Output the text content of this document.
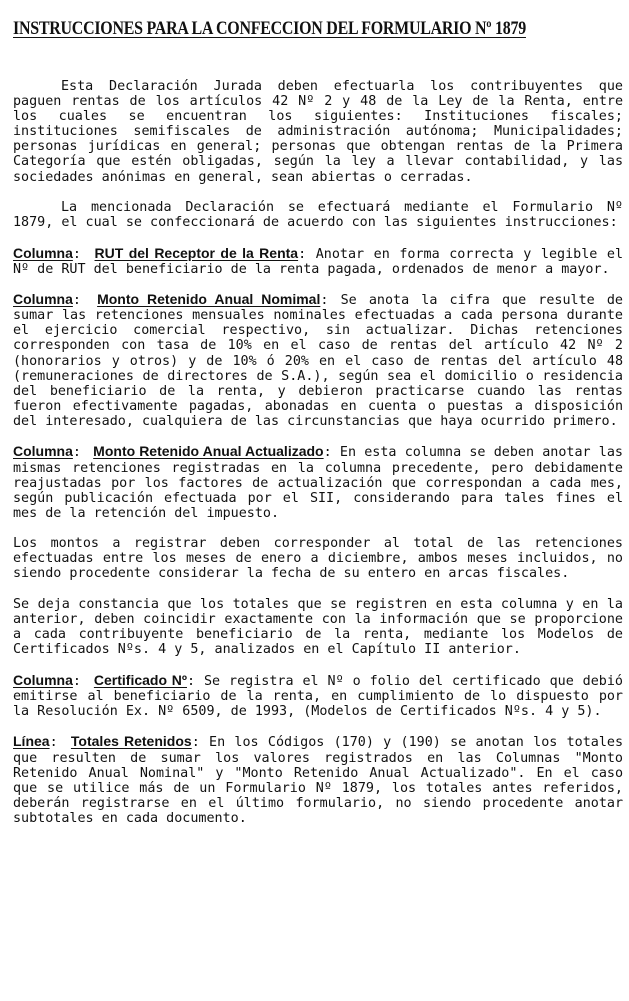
INSTRUCCIONES PARA LA CONFECCION DEL FORMULARIO Nº 1879

Esta Declaración Jurada deben efectuarla los contribuyentes que paguen rentas de los artículos 42 Nº 2 y 48 de la Ley de la Renta, entre los cuales se encuentran los siguientes: Instituciones fiscales; instituciones semifiscales de administración autónoma; Municipalidades; personas jurídicas en general; personas que obtengan rentas de la Primera Categoría que estén obligadas, según la ley a llevar contabilidad, y las sociedades anónimas en general, sean abiertas o cerradas.

La mencionada Declaración se efectuará mediante el Formulario Nº 1879, el cual se confeccionará de acuerdo con las siguientes instrucciones:

Columna: RUT del Receptor de la Renta: Anotar en forma correcta y legible el Nº de RUT del beneficiario de la renta pagada, ordenados de menor a mayor.

Columna: Monto Retenido Anual Nomimal: Se anota la cifra que resulte de sumar las retenciones mensuales nominales efectuadas a cada persona durante el ejercicio comercial respectivo, sin actualizar. Dichas retenciones corresponden con tasa de 10% en el caso de rentas del artículo 42 Nº 2 (honorarios y otros) y de 10% ó 20% en el caso de rentas del artículo 48 (remuneraciones de directores de S.A.), según sea el domicilio o residencia del beneficiario de la renta, y debieron practicarse cuando las rentas fueron efectivamente pagadas, abonadas en cuenta o puestas a disposición del interesado, cualquiera de las circunstancias que haya ocurrido primero.

Columna: Monto Retenido Anual Actualizado: En esta columna se deben anotar las mismas retenciones registradas en la columna precedente, pero debidamente reajustadas por los factores de actualización que correspondan a cada mes, según publicación efectuada por el SII, considerando para tales fines el mes de la retención del impuesto.

Los montos a registrar deben corresponder al total de las retenciones efectuadas entre los meses de enero a diciembre, ambos meses incluidos, no siendo procedente considerar la fecha de su entero en arcas fiscales.

Se deja constancia que los totales que se registren en esta columna y en la anterior, deben coincidir exactamente con la información que se proporcione a cada contribuyente beneficiario de la renta, mediante los Modelos de Certificados Nºs. 4 y 5, analizados en el Capítulo II anterior.

Columna: Certificado Nº: Se registra el Nº o folio del certificado que debió emitirse al beneficiario de la renta, en cumplimiento de lo dispuesto por la Resolución Ex. Nº 6509, de 1993, (Modelos de Certificados Nºs. 4 y 5).

Línea: Totales Retenidos: En los Códigos (170) y (190) se anotan los totales que resulten de sumar los valores registrados en las Columnas "Monto Retenido Anual Nominal" y "Monto Retenido Anual Actualizado". En el caso que se utilice más de un Formulario Nº 1879, los totales antes referidos, deberán registrarse en el último formulario, no siendo procedente anotar subtotales en cada documento.
